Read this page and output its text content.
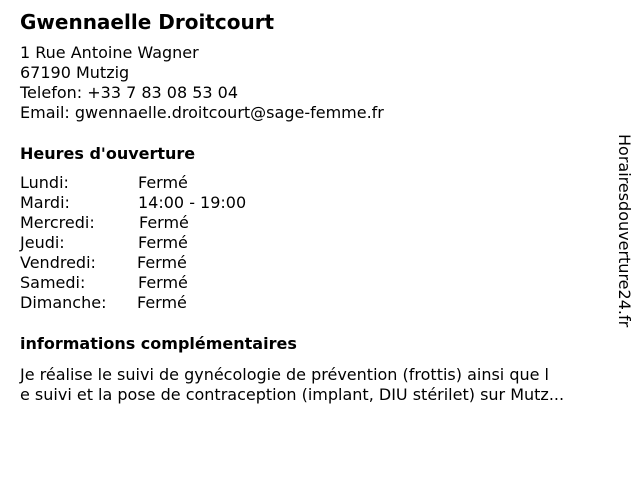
Gwennaelle Droitcourt
1 Rue Antoine Wagner
67190 Mutzig
Telefon: +33 7 83 08 53 04
Email: gwennaelle.droitcourt@sage-femme.fr
Heures d'ouverture
Lundi:	Fermé
Mardi:	14:00 - 19:00
Mercredi:	Fermé
Jeudi:	Fermé
Vendredi:	Fermé
Samedi:	Fermé
Dimanche: Fermé
informations complémentaires
Je réalise le suivi de gynécologie de prévention (frottis) ainsi que l
e suivi et la pose de contraception (implant, DIU stérilet) sur Mutz...
Horairesdouverture24.fr
